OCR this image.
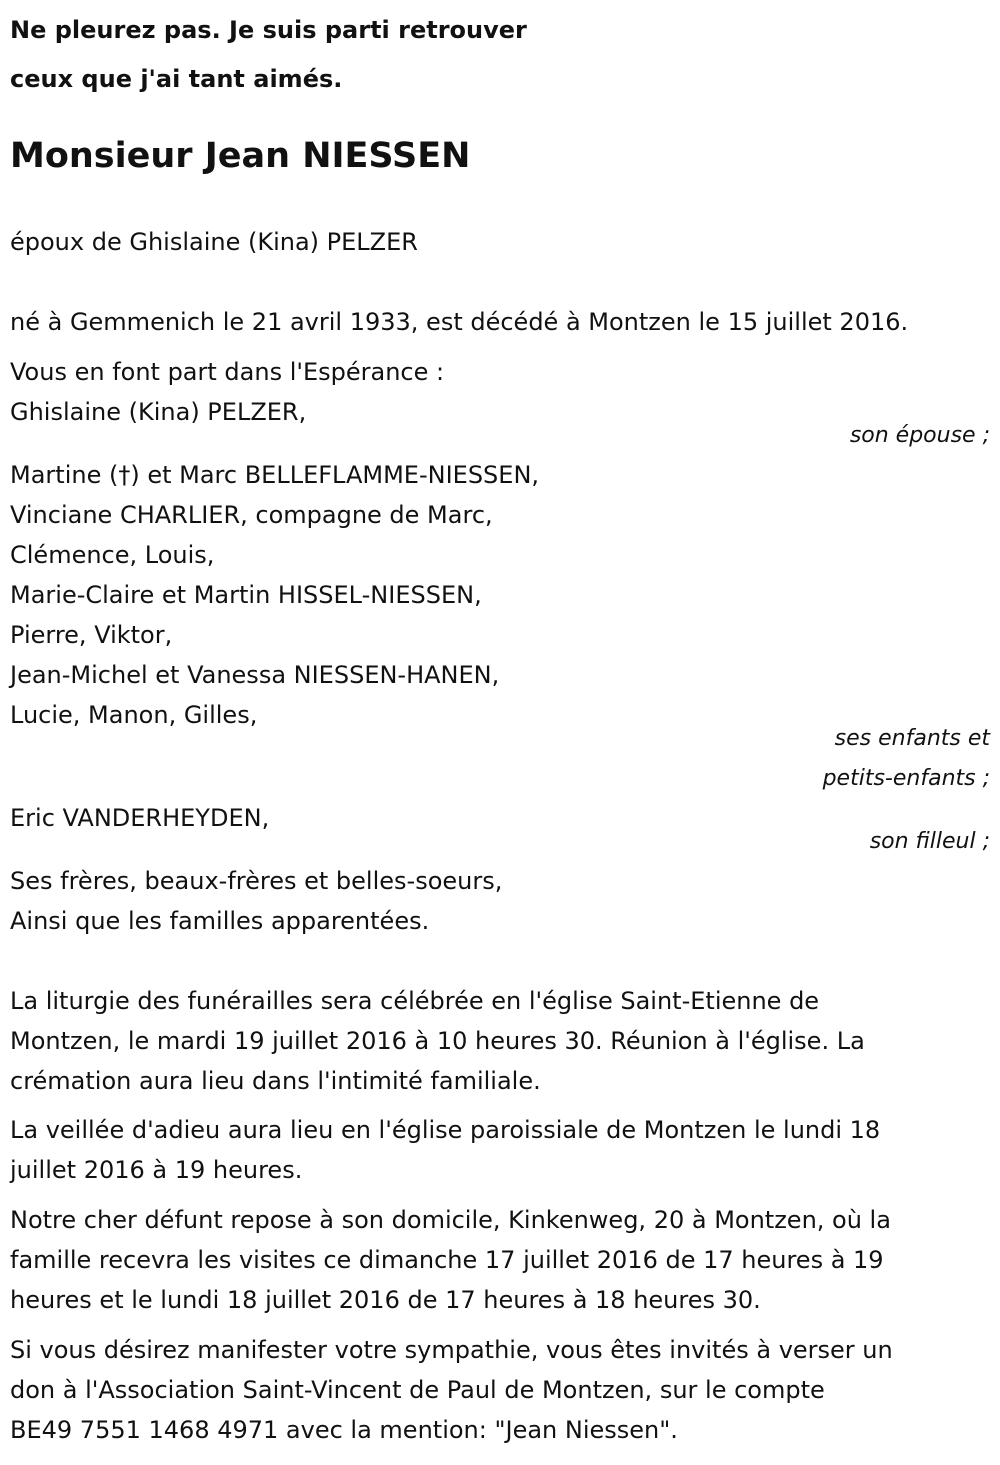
Ne pleurez pas. Je suis parti retrouver
ceux que j'ai tant aimés.
Monsieur Jean NIESSEN
époux de Ghislaine (Kina) PELZER
né à Gemmenich le 21 avril 1933, est décédé à Montzen le 15 juillet 2016.
Vous en font part dans l'Espérance :
Ghislaine (Kina) PELZER,
son épouse ;
Martine (†) et Marc BELLEFLAMME-NIESSEN,
Vinciane CHARLIER, compagne de Marc,
Clémence, Louis,
Marie-Claire et Martin HISSEL-NIESSEN,
Pierre, Viktor,
Jean-Michel et Vanessa NIESSEN-HANEN,
Lucie, Manon, Gilles,
ses enfants et
petits-enfants ;
Eric VANDERHEYDEN,
son filleul ;
Ses frères, beaux-frères et belles-soeurs,
Ainsi que les familles apparentées.
La liturgie des funérailles sera célébrée en l'église Saint-Etienne de
Montzen, le mardi 19 juillet 2016 à 10 heures 30. Réunion à l'église. La
crémation aura lieu dans l'intimité familiale.
La veillée d'adieu aura lieu en l'église paroissiale de Montzen le lundi 18
juillet 2016 à 19 heures.
Notre cher défunt repose à son domicile, Kinkenweg, 20 à Montzen, où la
famille recevra les visites ce dimanche 17 juillet 2016 de 17 heures à 19
heures et le lundi 18 juillet 2016 de 17 heures à 18 heures 30.
Si vous désirez manifester votre sympathie, vous êtes invités à verser un
don à l'Association Saint-Vincent de Paul de Montzen, sur le compte
BE49 7551 1468 4971 avec la mention: "Jean Niessen".
